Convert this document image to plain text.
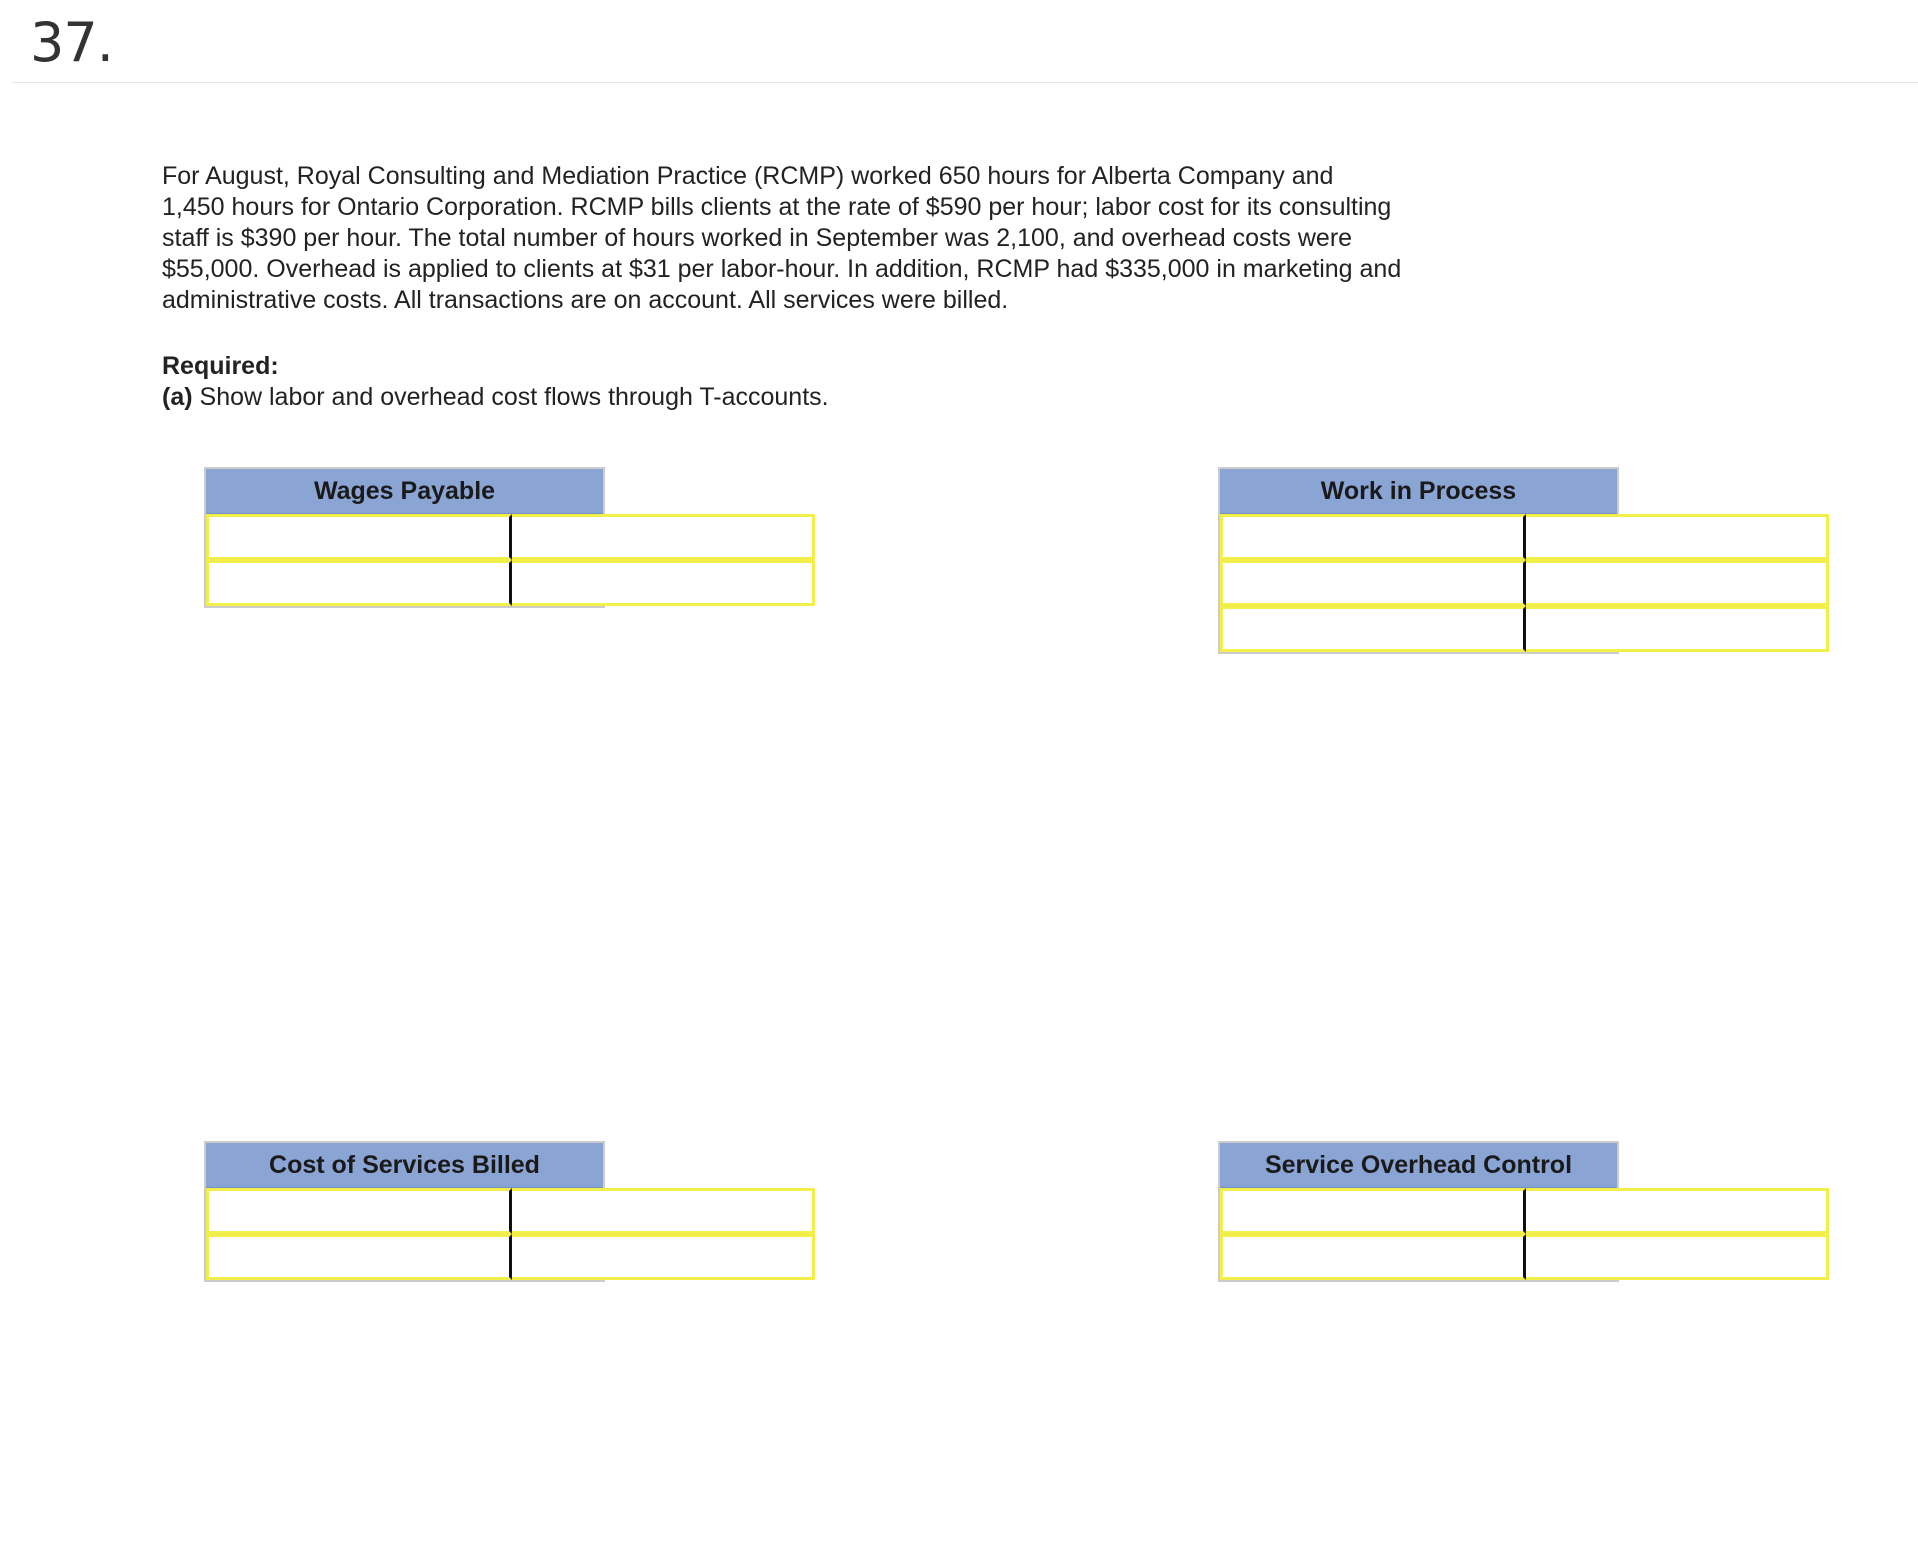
37.

For August, Royal Consulting and Mediation Practice (RCMP) worked 650 hours for Alberta Company and 1,450 hours for Ontario Corporation. RCMP bills clients at the rate of $590 per hour; labor cost for its consulting staff is $390 per hour. The total number of hours worked in September was 2,100, and overhead costs were $55,000. Overhead is applied to clients at $31 per labor-hour. In addition, RCMP had $335,000 in marketing and administrative costs. All transactions are on account. All services were billed.

Required:
(a) Show labor and overhead cost flows through T-accounts.
Wages Payable	Work in Process
Cost of Services Billed	Service Overhead Control
